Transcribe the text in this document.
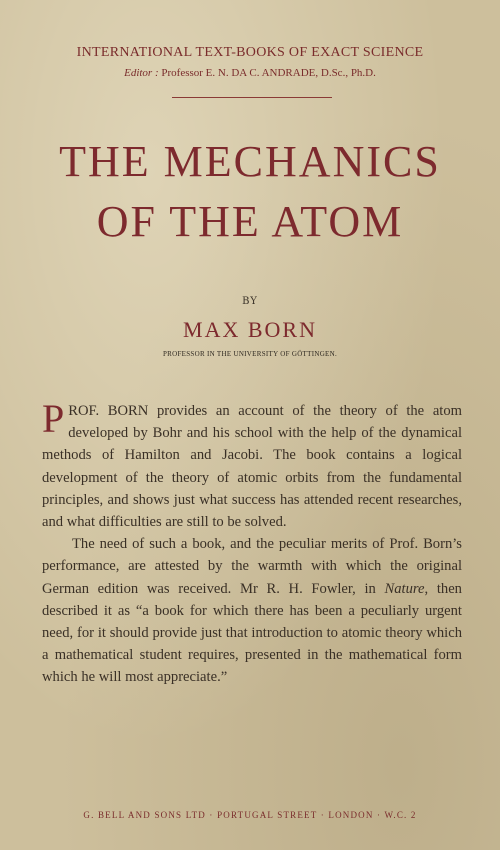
INTERNATIONAL TEXT-BOOKS OF EXACT SCIENCE
Editor : Professor E. N. DA C. ANDRADE, D.Sc., Ph.D.
THE MECHANICS
OF THE ATOM
BY
MAX BORN
PROFESSOR IN THE UNIVERSITY OF GÖTTINGEN.

PROF. BORN provides an account of the theory of the atom developed by Bohr and his school with the help of the dynamical methods of Hamilton and Jacobi. The book contains a logical development of the theory of atomic orbits from the fundamental principles, and shows just what success has attended recent researches, and what difficulties are still to be solved.

The need of such a book, and the peculiar merits of Prof. Born’s performance, are attested by the warmth with which the original German edition was received. Mr R. H. Fowler, in Nature, then described it as “a book for which there has been a peculiarly urgent need, for it should provide just that introduction to atomic theory which a mathematical student requires, presented in the mathematical form which he will most appreciate.”

G. BELL AND SONS LTD · PORTUGAL STREET · LONDON · W.C. 2
